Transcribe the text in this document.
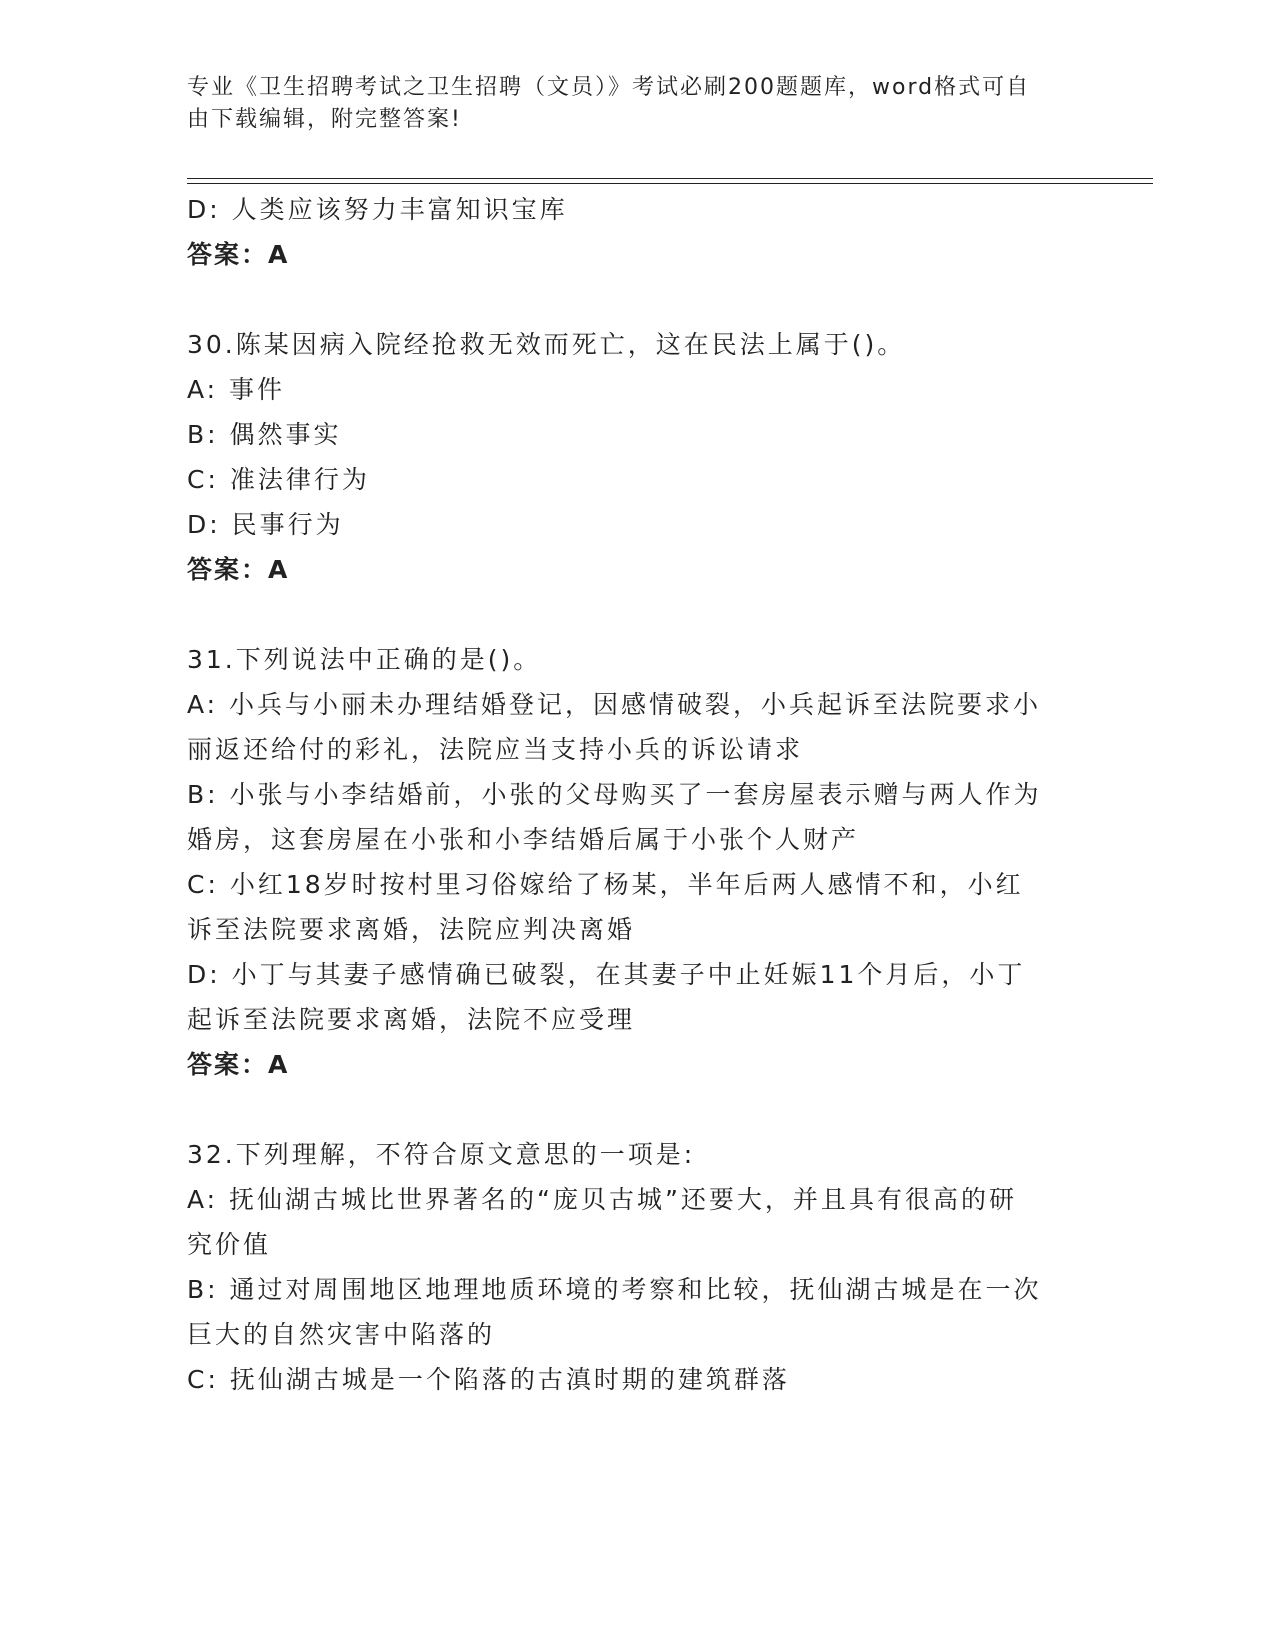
专业《卫生招聘考试之卫生招聘（文员）》考试必刷200题题库，word格式可自
由下载编辑，附完整答案!
D: 人类应该努力丰富知识宝库
答案：A
30.陈某因病入院经抢救无效而死亡，这在民法上属于()。
A: 事件
B: 偶然事实
C: 准法律行为
D: 民事行为
答案：A
31.下列说法中正确的是()。
A: 小兵与小丽未办理结婚登记，因感情破裂，小兵起诉至法院要求小
丽返还给付的彩礼，法院应当支持小兵的诉讼请求
B: 小张与小李结婚前，小张的父母购买了一套房屋表示赠与两人作为
婚房，这套房屋在小张和小李结婚后属于小张个人财产
C: 小红18岁时按村里习俗嫁给了杨某，半年后两人感情不和，小红
诉至法院要求离婚，法院应判决离婚
D: 小丁与其妻子感情确已破裂，在其妻子中止妊娠11个月后，小丁
起诉至法院要求离婚，法院不应受理
答案：A
32.下列理解，不符合原文意思的一项是:
A: 抚仙湖古城比世界著名的“庞贝古城”还要大，并且具有很高的研
究价值
B: 通过对周围地区地理地质环境的考察和比较，抚仙湖古城是在一次
巨大的自然灾害中陷落的
C: 抚仙湖古城是一个陷落的古滇时期的建筑群落
